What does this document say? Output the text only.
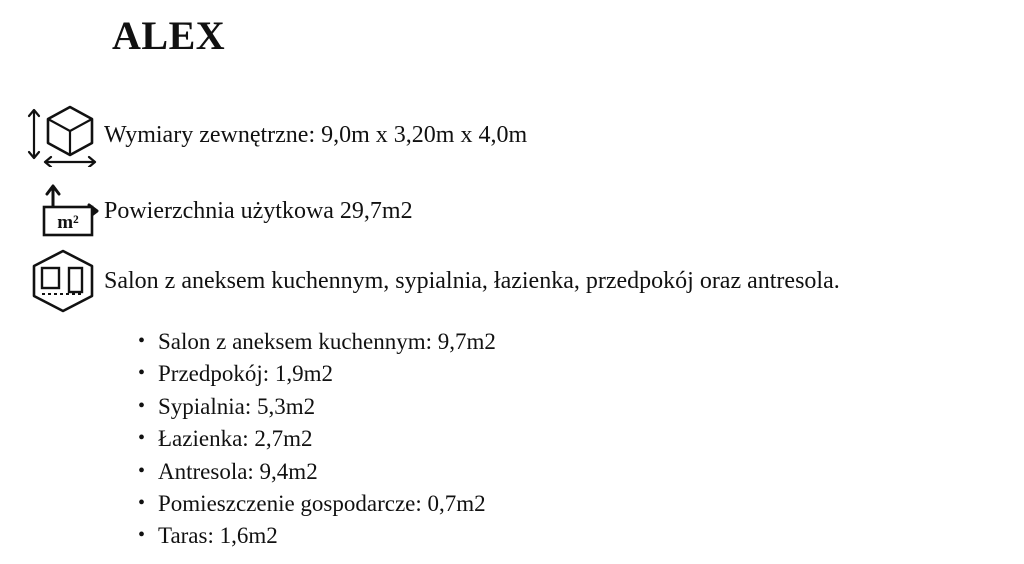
ALEX
Wymiary zewnętrzne: 9,0m x 3,20m x 4,0m
m² Powierzchnia użytkowa 29,7m2
Salon z aneksem kuchennym, sypialnia, łazienka, przedpokój oraz antresola.
• Salon z aneksem kuchennym: 9,7m2
• Przedpokój: 1,9m2
• Sypialnia: 5,3m2
• Łazienka: 2,7m2
• Antresola: 9,4m2
• Pomieszczenie gospodarcze: 0,7m2
• Taras: 1,6m2
